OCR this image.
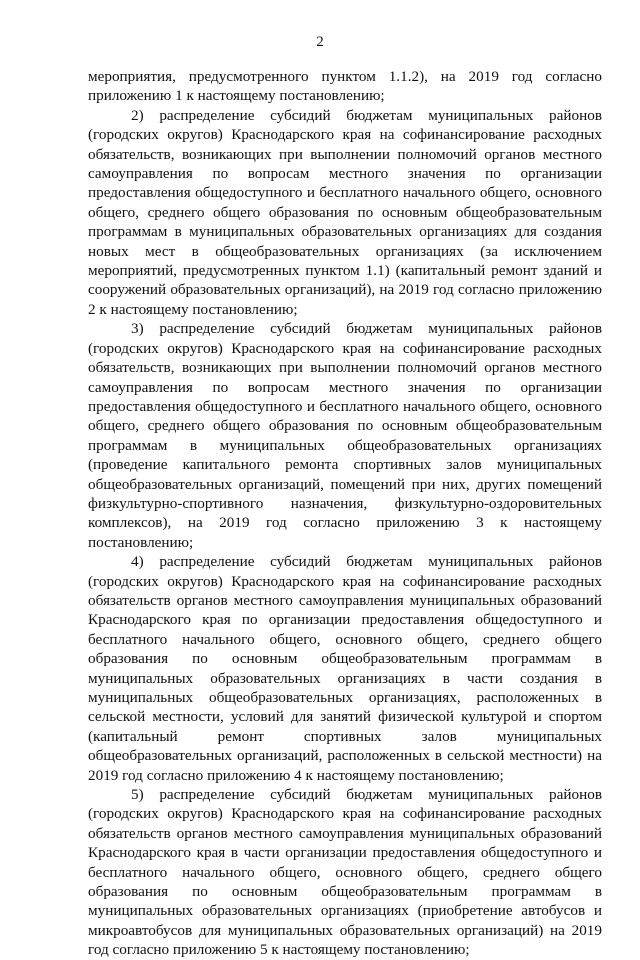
2

мероприятия, предусмотренного пунктом 1.1.2), на 2019 год согласно приложению 1 к настоящему постановлению;

2) распределение субсидий бюджетам муниципальных районов (городских округов) Краснодарского края на софинансирование расходных обязательств, возникающих при выполнении полномочий органов местного самоуправления по вопросам местного значения по организации предоставления общедоступного и бесплатного начального общего, основного общего, среднего общего образования по основным общеобразовательным программам в муниципальных образовательных организациях для создания новых мест в общеобразовательных организациях (за исключением мероприятий, предусмотренных пунктом 1.1) (капитальный ремонт зданий и сооружений образовательных организаций), на 2019 год согласно приложению 2 к настоящему постановлению;

3) распределение субсидий бюджетам муниципальных районов (городских округов) Краснодарского края на софинансирование расходных обязательств, возникающих при выполнении полномочий органов местного самоуправления по вопросам местного значения по организации предоставления общедоступного и бесплатного начального общего, основного общего, среднего общего образования по основным общеобразовательным программам в муниципальных общеобразовательных организациях (проведение капитального ремонта спортивных залов муниципальных общеобразовательных организаций, помещений при них, других помещений физкультурно-спортивного назначения, физкультурно-оздоровительных комплексов), на 2019 год согласно приложению 3 к настоящему постановлению;

4) распределение субсидий бюджетам муниципальных районов (городских округов) Краснодарского края на софинансирование расходных обязательств органов местного самоуправления муниципальных образований Краснодарского края по организации предоставления общедоступного и бесплатного начального общего, основного общего, среднего общего образования по основным общеобразовательным программам в муниципальных образовательных организациях в части создания в муниципальных общеобразовательных организациях, расположенных в сельской местности, условий для занятий физической культурой и спортом (капитальный ремонт спортивных залов муниципальных общеобразовательных организаций, расположенных в сельской местности) на 2019 год согласно приложению 4 к настоящему постановлению;

5) распределение субсидий бюджетам муниципальных районов (городских округов) Краснодарского края на софинансирование расходных обязательств органов местного самоуправления муниципальных образований Краснодарского края в части организации предоставления общедоступного и бесплатного начального общего, основного общего, среднего общего образования по основным общеобразовательным программам в муниципальных образовательных организациях (приобретение автобусов и микроавтобусов для муниципальных образовательных организаций) на 2019 год согласно приложению 5 к настоящему постановлению;
